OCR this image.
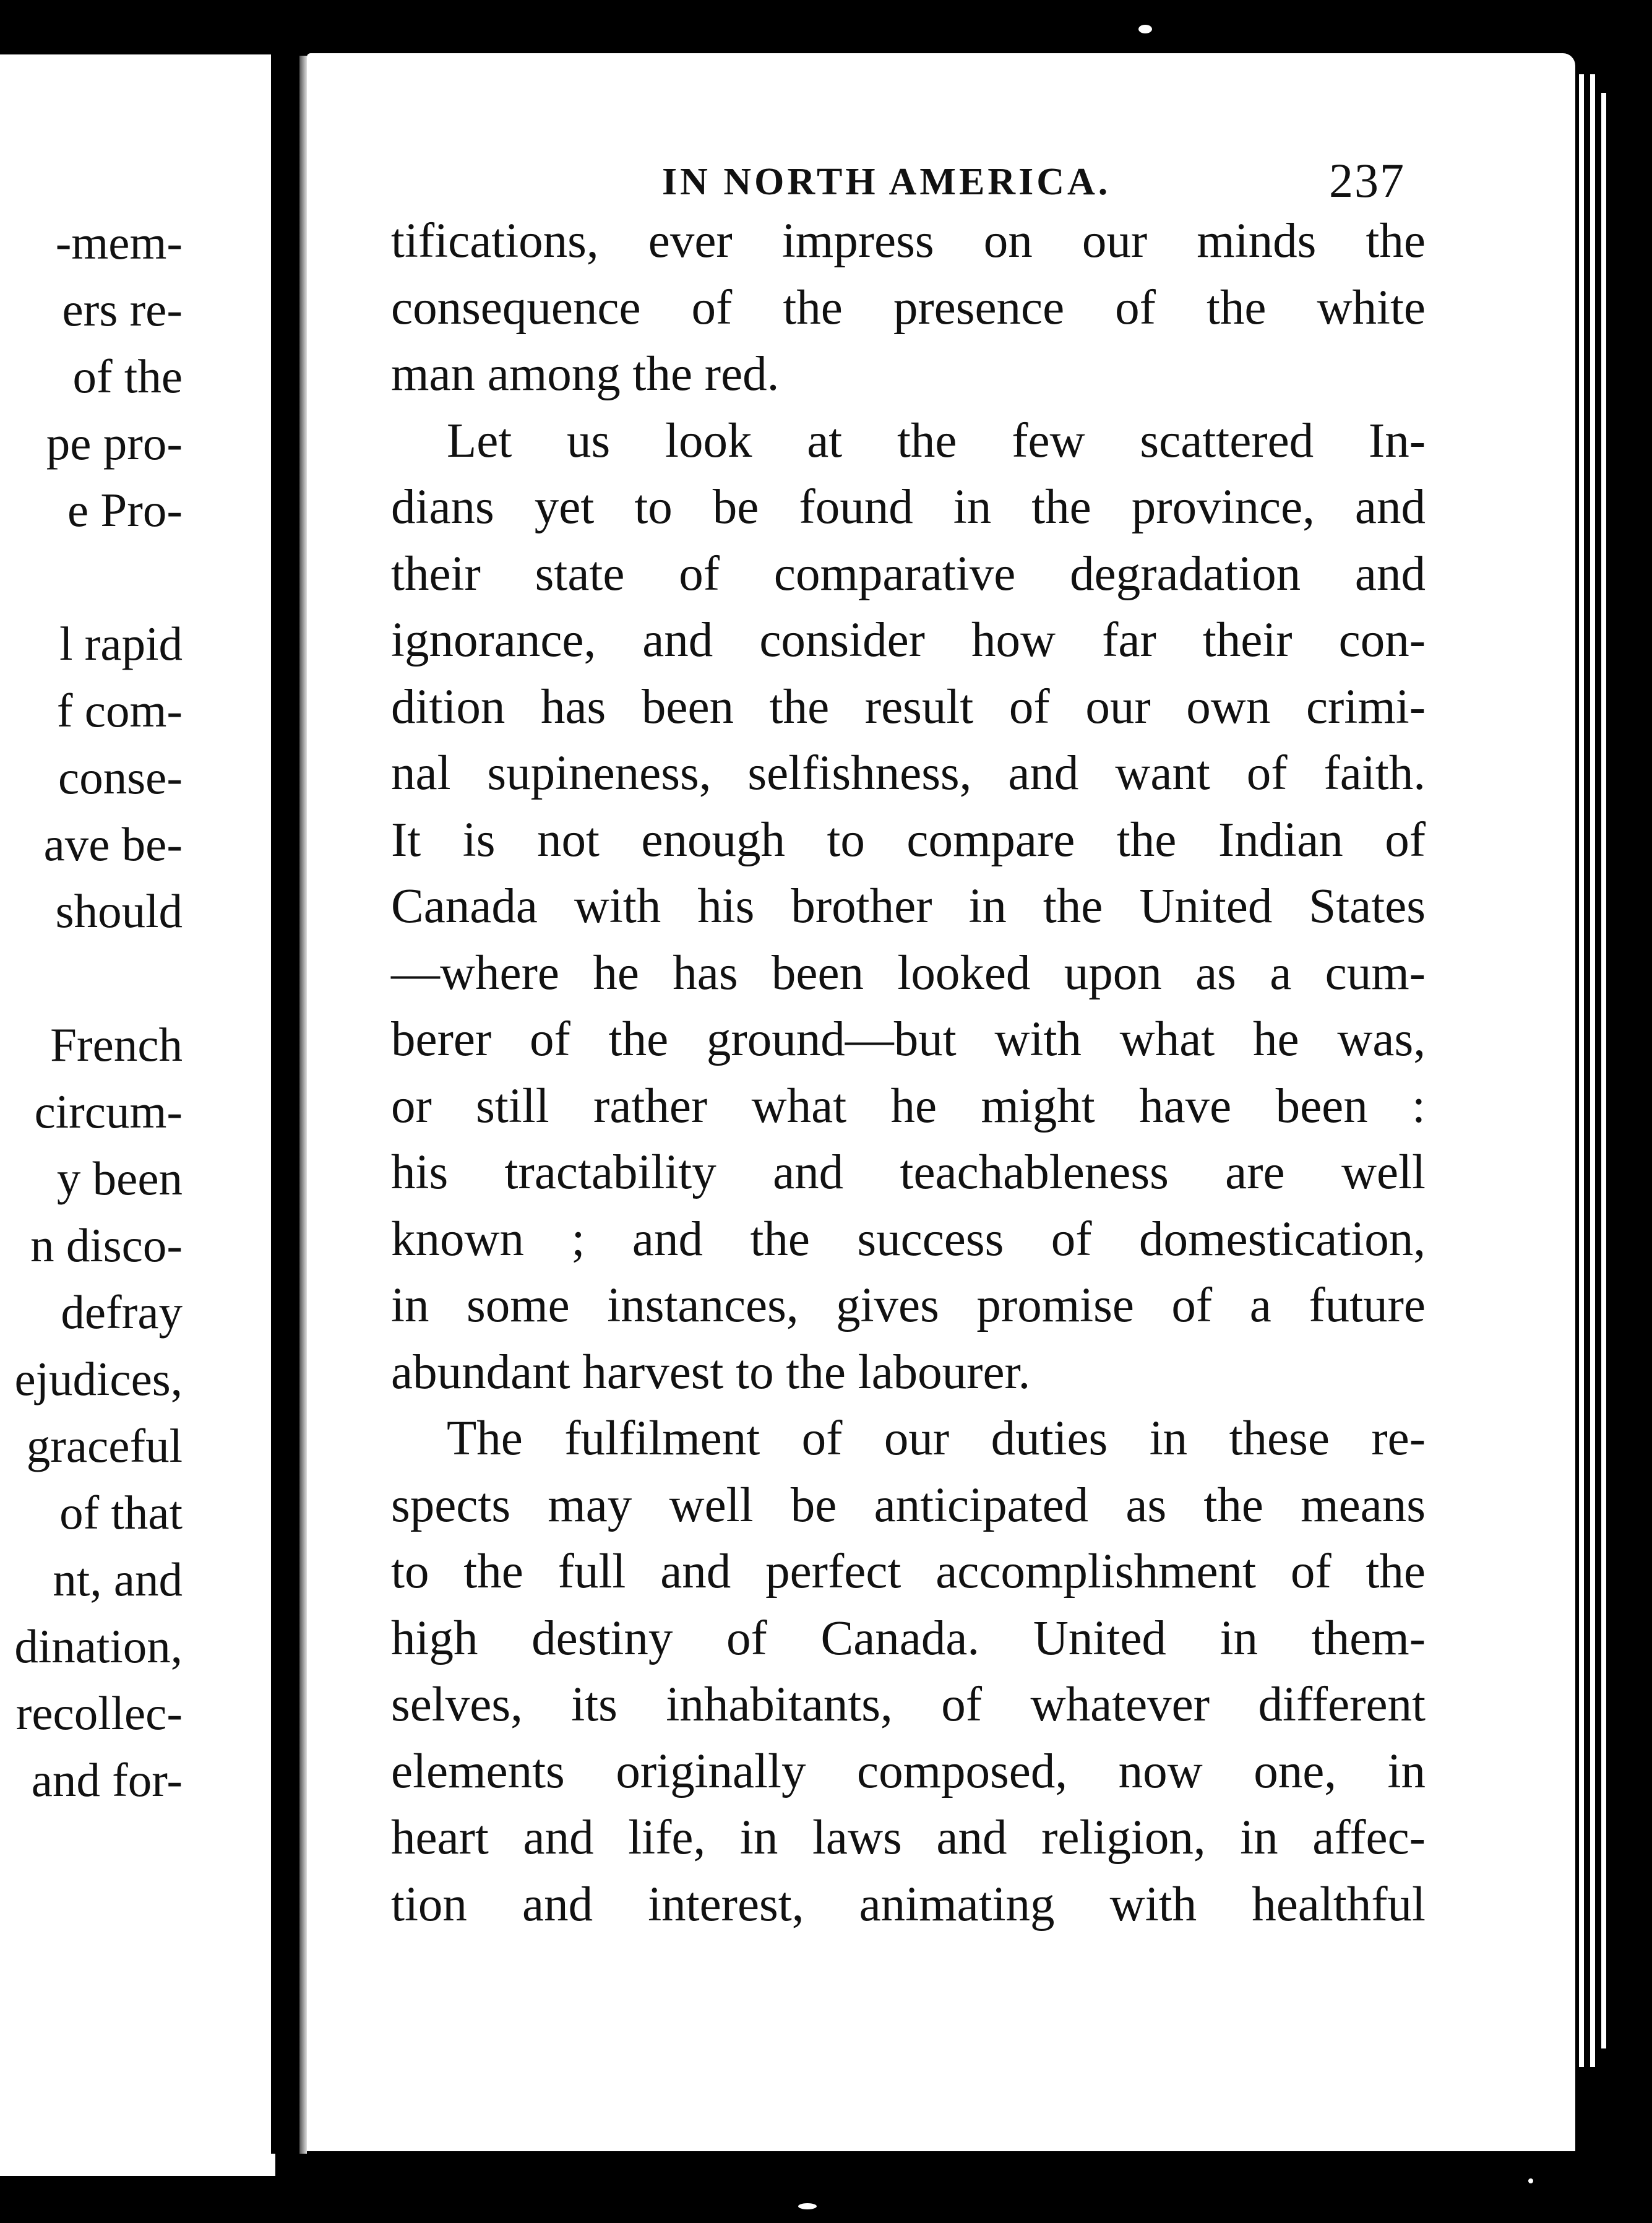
-mem-
ers re-
of the
pe pro-
e Pro-
l rapid
f com-
conse-
ave be-
should
French
circum-
y been
n disco-
defray
ejudices,
graceful
of that
nt, and
dination,
recollec-
and for-
IN NORTH AMERICA.	237
tifications, ever impress on our minds the
consequence of the presence of the white
man among the red.
Let us look at the few scattered In-
dians yet to be found in the province, and
their state of comparative degradation and
ignorance, and consider how far their con-
dition has been the result of our own crimi-
nal supineness, selfishness, and want of faith.
It is not enough to compare the Indian of
Canada with his brother in the United States
—where he has been looked upon as a cum-
berer of the ground—but with what he was,
or still rather what he might have been :
his tractability and teachableness are well
known ; and the success of domestication,
in some instances, gives promise of a future
abundant harvest to the labourer.
The fulfilment of our duties in these re-
spects may well be anticipated as the means
to the full and perfect accomplishment of the
high destiny of Canada. United in them-
selves, its inhabitants, of whatever different
elements originally composed, now one, in
heart and life, in laws and religion, in affec-
tion and interest, animating with healthful
